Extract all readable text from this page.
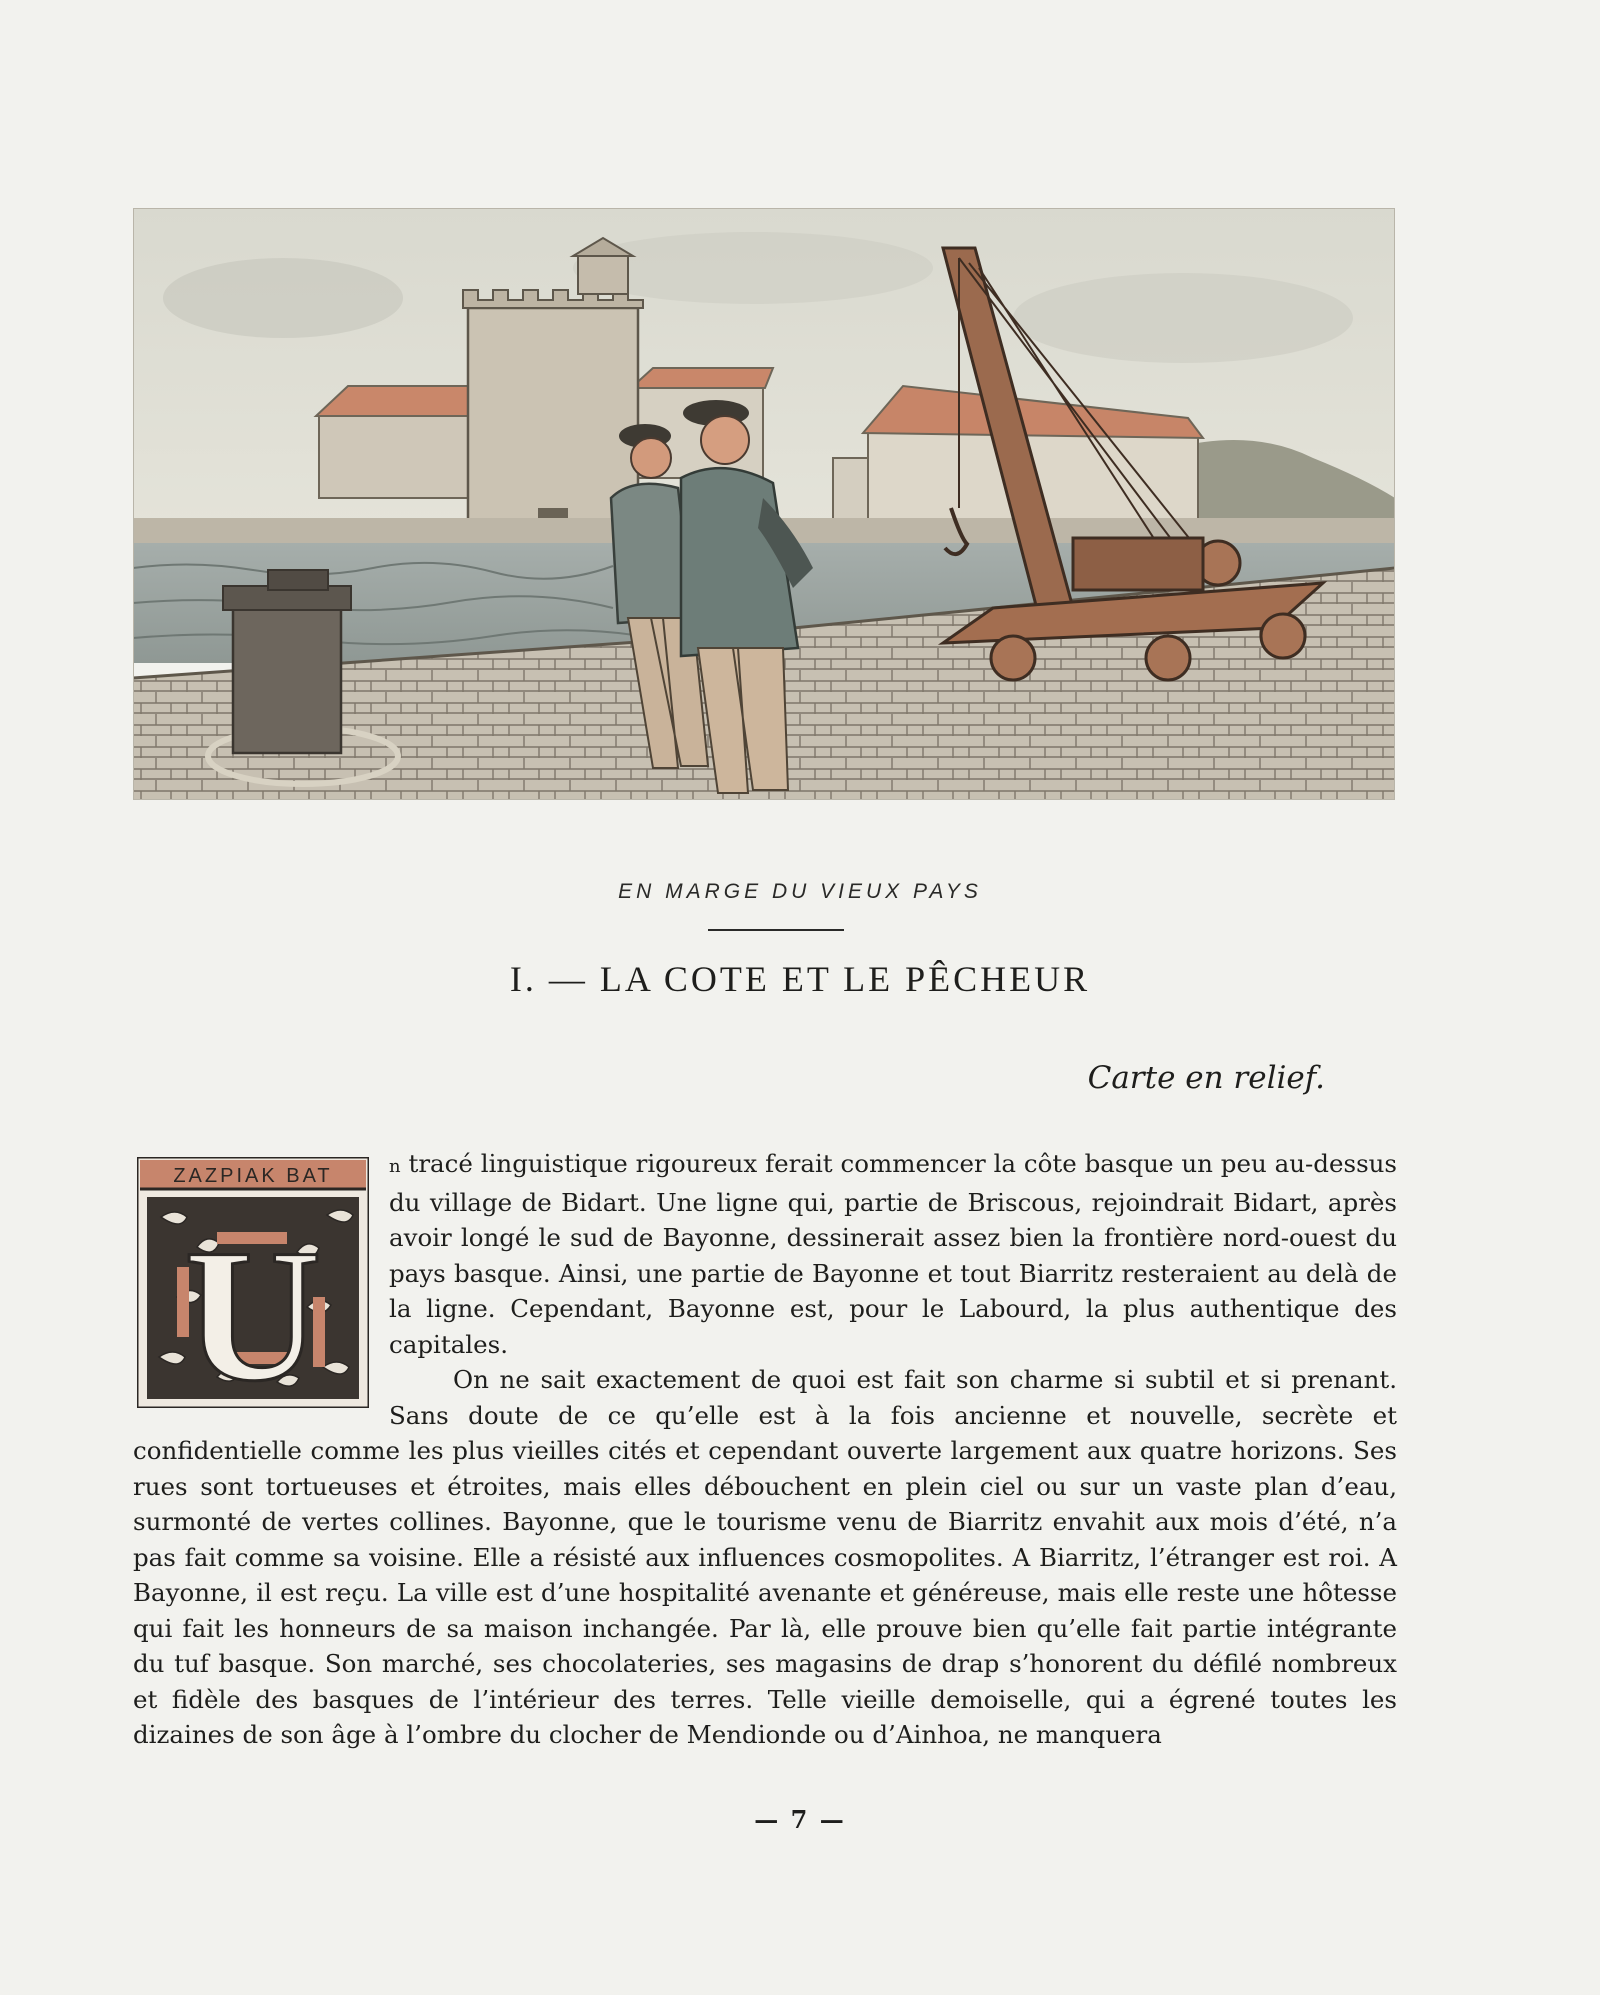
EN MARGE DU VIEUX PAYS
I. — LA COTE ET LE PÊCHEUR
Carte en relief.
ZAZPIAK BAT
U

n tracé linguistique rigoureux ferait commencer la côte basque un peu au-dessus du village de Bidart. Une ligne qui, partie de Briscous, rejoindrait Bidart, après avoir longé le sud de Bayonne, dessinerait assez bien la frontière nord-ouest du pays basque. Ainsi, une partie de Bayonne et tout Biarritz resteraient au delà de la ligne. Cependant, Bayonne est, pour le Labourd, la plus authentique des capitales.

On ne sait exactement de quoi est fait son charme si subtil et si prenant. Sans doute de ce qu’elle est à la fois ancienne et nouvelle, secrète et confidentielle comme les plus vieilles cités et cependant ouverte largement aux quatre horizons. Ses rues sont tortueuses et étroites, mais elles débouchent en plein ciel ou sur un vaste plan d’eau, surmonté de vertes collines. Bayonne, que le tourisme venu de Biarritz envahit aux mois d’été, n’a pas fait comme sa voisine. Elle a résisté aux influences cosmopolites. A Biarritz, l’étranger est roi. A Bayonne, il est reçu. La ville est d’une hospitalité avenante et généreuse, mais elle reste une hôtesse qui fait les honneurs de sa maison inchangée. Par là, elle prouve bien qu’elle fait partie intégrante du tuf basque. Son marché, ses chocolateries, ses magasins de drap s’honorent du défilé nombreux et fidèle des basques de l’intérieur des terres. Telle vieille demoiselle, qui a égrené toutes les dizaines de son âge à l’ombre du clocher de Mendionde ou d’Ainhoa, ne manquera

— 7 —
